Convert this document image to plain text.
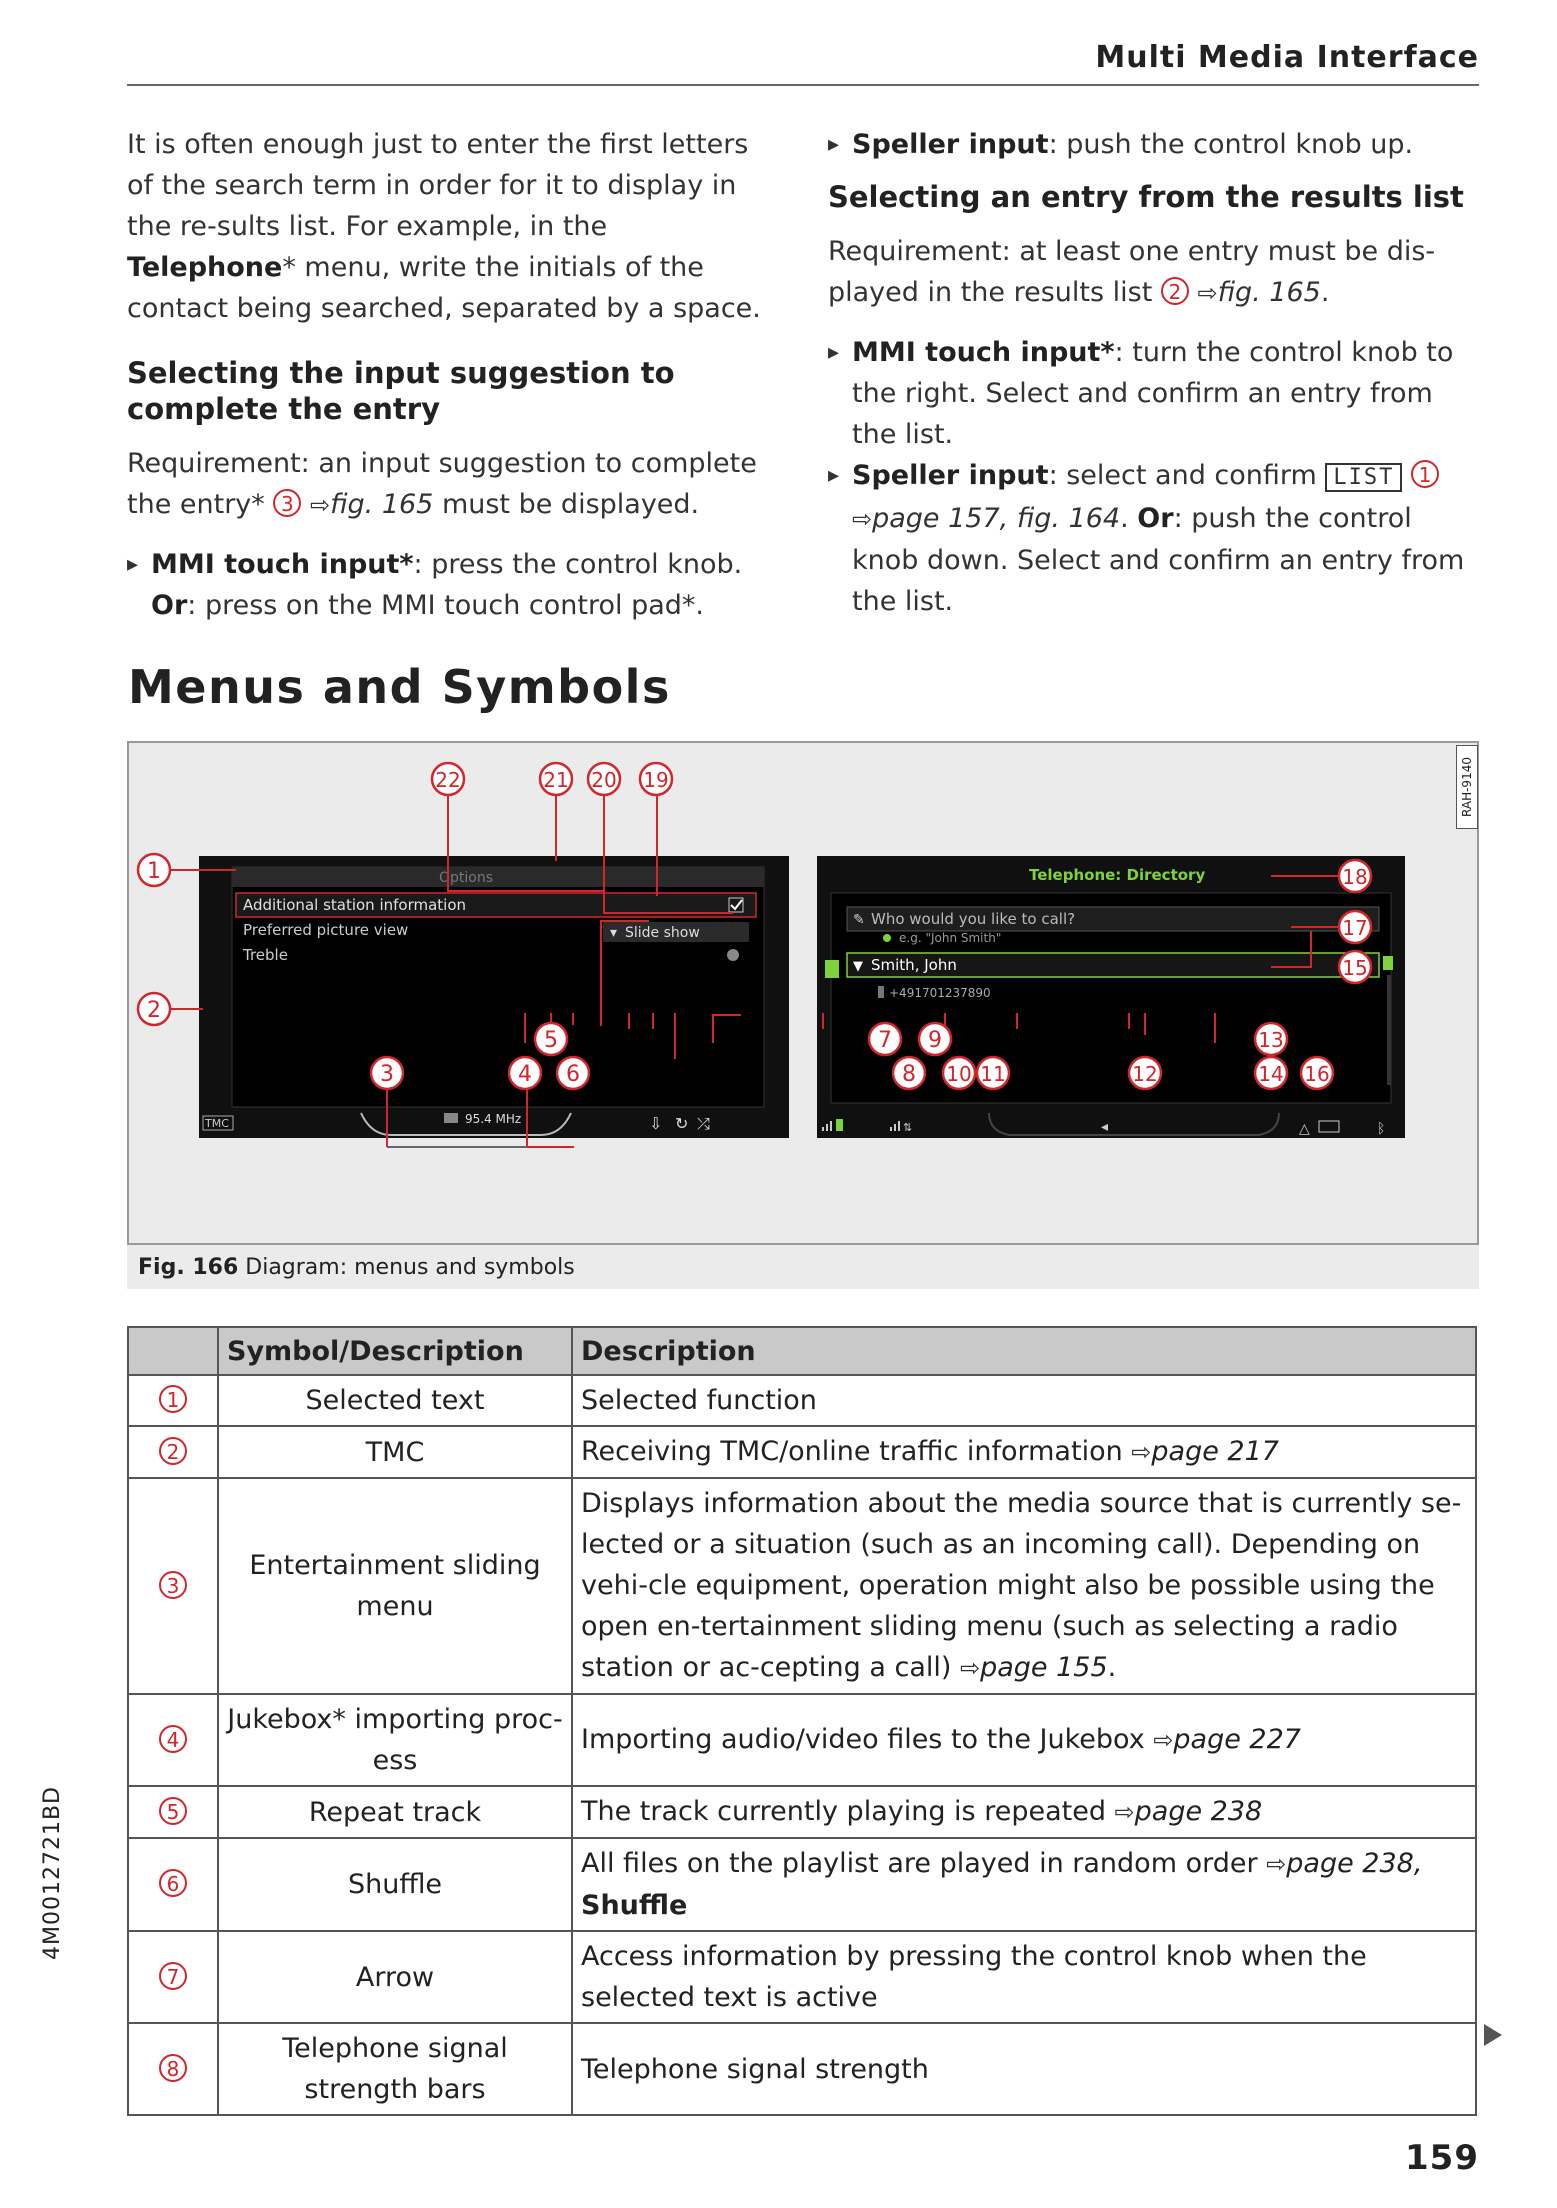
Multi Media Interface

It is often enough just to enter the first letters of the search term in order for it to display in the re-sults list. For example, in the Telephone* menu, write the initials of the contact being searched, separated by a space.

Selecting the input suggestion to complete the entry

Requirement: an input suggestion to complete the entry* 3 ⇨fig. 165 must be displayed.

▸ MMI touch input*: press the control knob. Or: press on the MMI touch control pad*.

▸ Speller input: push the control knob up.

Selecting an entry from the results list

Requirement: at least one entry must be dis-played in the results list 2 ⇨fig. 165.

▸ MMI touch input*: turn the control knob to the right. Select and confirm an entry from the list.

▸ Speller input: select and confirm LIST 1 ⇨page 157, fig. 164. Or: push the control knob down. Select and confirm an entry from the list.

Menus and Symbols
Options
Additional station information
Preferred picture view	▾ Slide show
Treble
TMC	95.4 MHz	⇩ ↻ ⤮
Telephone: Directory
✎ Who would you like to call?
e.g. "John Smith"
▼ Smith, John
+491701237890
⇅	◂	△	ᛒ
1
2
3	4
5
6
7
8
9
10 11	12
13
14
15
16
17
18
19
20
21
22	RAH-9140
Fig. 166 Diagram: menus and symbols
	Symbol/Description	Description
1	Selected text	Selected function
2	TMC	Receiving TMC/online traffic information ⇨page 217
3	Entertainment sliding menu	Displays information about the media source that is currently se-lected or a situation (such as an incoming call). Depending on vehi-cle equipment, operation might also be possible using the open en-tertainment sliding menu (such as selecting a radio station or ac-cepting a call) ⇨page 155.
4	Jukebox* importing proc-ess	Importing audio/video files to the Jukebox ⇨page 227
5	Repeat track	The track currently playing is repeated ⇨page 238
6	Shuffle	All files on the playlist are played in random order ⇨page 238, Shuffle
7	Arrow	Access information by pressing the control knob when the selected text is active
8	Telephone signal strength bars	Telephone signal strength
4M0012721BD
159
